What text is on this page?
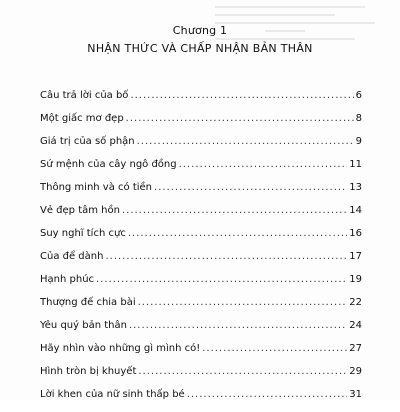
Chương 1
NHẬN THỨC VÀ CHẤP NHẬN BẢN THÂN
Câu trả lời của bố .....	6
Một giấc mơ đẹp .....	8
Giá trị của số phận .....	9
Sứ mệnh của cây ngô đồng .....	11
Thông minh và có tiền .....	13
Vẻ đẹp tâm hồn .....	14
Suy nghĩ tích cực .....	16
Của để dành .....	17
Hạnh phúc .....	19
Thượng đế chia bài .....	22
Yêu quý bản thân .....	24
Hãy nhìn vào những gì mình có! .....	27
Hình tròn bị khuyết .....	29
Lời khen của nữ sinh thấp bé .....	31
